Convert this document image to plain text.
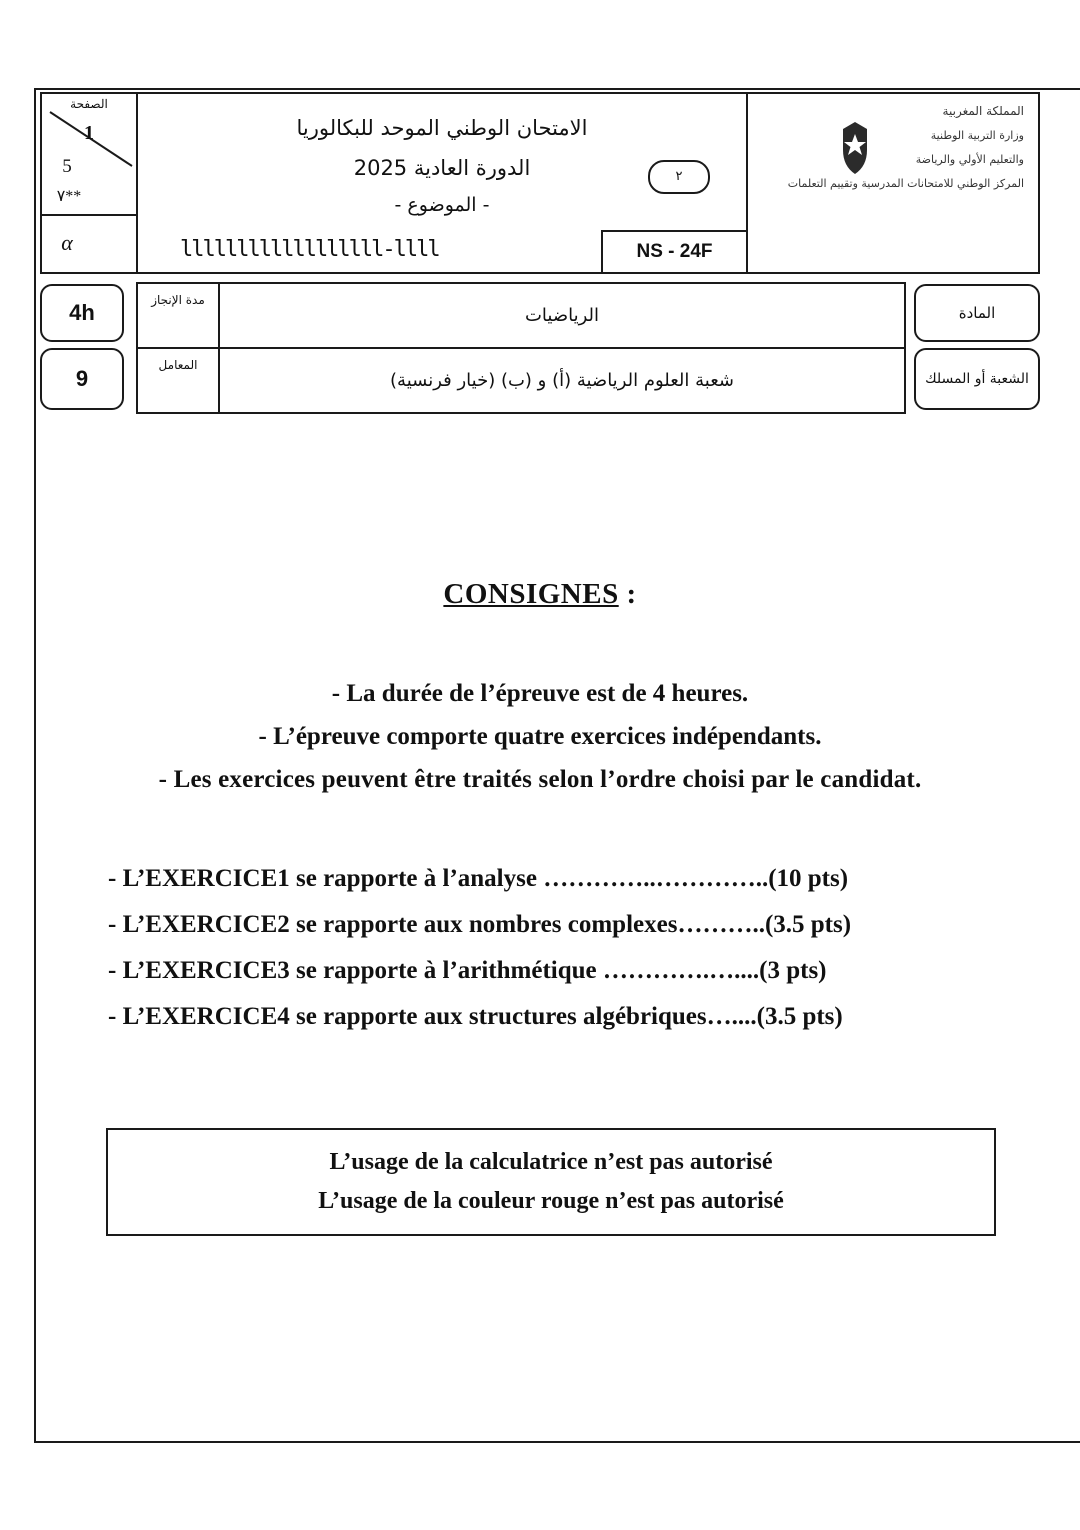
الصفحة
1
5
٧**
α
الامتحان الوطني الموحد للبكالوريا
الدورة العادية 2025
- الموضوع -
٢
llllllllllllllllll-llll	NS - 24F
المملكة المغربية
وزارة التربية الوطنية
والتعليم الأولي والرياضة
المركز الوطني للامتحانات المدرسية وتقييم التعلمات
4h
9
مدة الإنجاز
الرياضيات
المعامل
شعبة العلوم الرياضية (أ) و (ب) (خيار فرنسية)
المادة
الشعبة أو المسلك
CONSIGNES :
- La durée de l’épreuve est de 4 heures.
- L’épreuve comporte quatre exercices indépendants.
- Les exercices peuvent être traités selon l’ordre choisi par le candidat.
- L’EXERCICE1 se rapporte à l’analyse …………..…………..(10 pts)
- L’EXERCICE2 se rapporte aux nombres complexes………..(3.5 pts)
- L’EXERCICE3 se rapporte à l’arithmétique ………….…....(3 pts)
- L’EXERCICE4 se rapporte aux structures algébriques…....(3.5 pts)
L’usage de la calculatrice n’est pas autorisé
L’usage de la couleur rouge n’est pas autorisé
